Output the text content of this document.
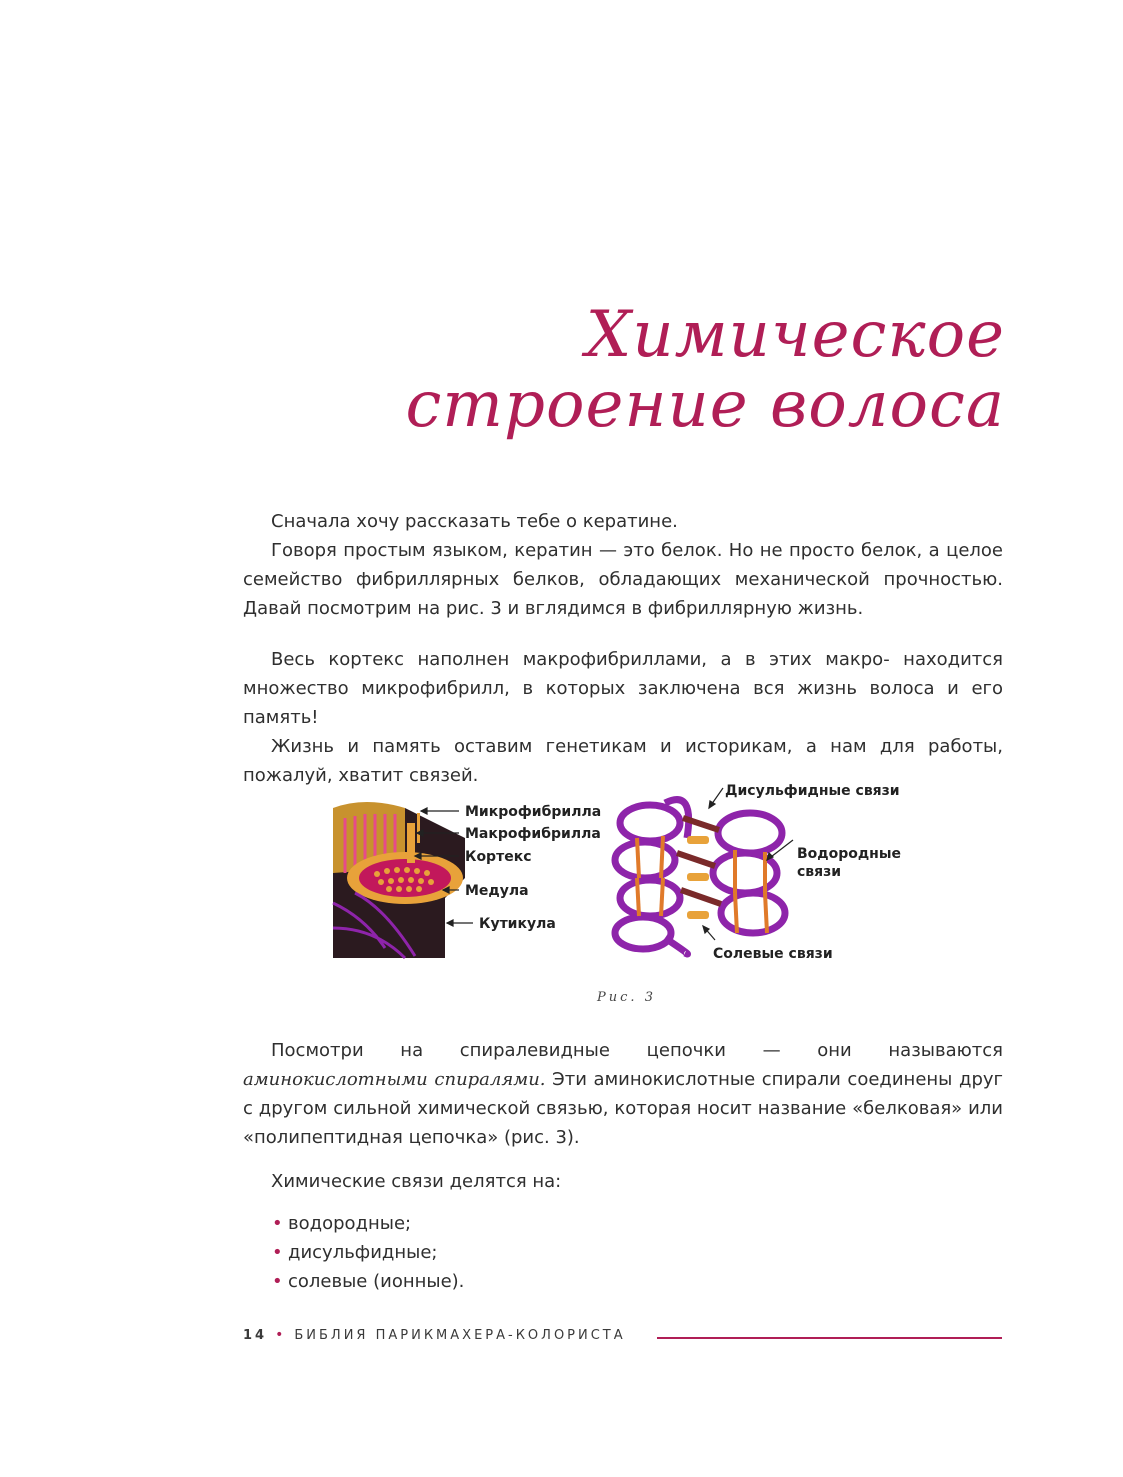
Химическое
строение волоса

Сначала хочу рассказать тебе о кератине.

Говоря простым языком, кератин — это белок. Но не просто белок, а целое семейство фибриллярных белков, обладающих механической прочностью. Давай посмотрим на рис. 3 и вглядимся в фибриллярную жизнь.

Весь кортекс наполнен макрофибриллами, а в этих макро- находится множество микрофибрилл, в которых заключена вся жизнь волоса и его память!

Жизнь и память оставим генетикам и историкам, а нам для работы, пожалуй, хватит связей.

Микрофибрилла
Макрофибрилла
Кортекс
Медула
Кутикула
Дисульфидные связи
Водородные
связи
Солевые связи
Рис. 3

Посмотри на спиралевидные цепочки — они называются аминокислотными спиралями. Эти аминокислотные спирали соединены друг с другом сильной химической связью, которая носит название «белковая» или «полипептидная цепочка» (рис. 3).

Химические связи делятся на:

• водородные;
• дисульфидные;
• солевые (ионные).
14 • БИБЛИЯ ПАРИКМАХЕРА-КОЛОРИСТА
